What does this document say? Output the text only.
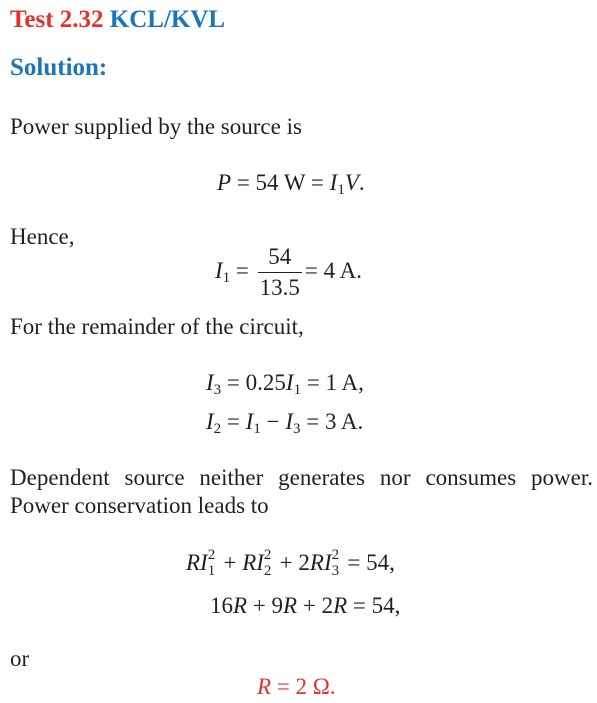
Test 2.32 KCL/KVL
Solution:
Power supplied by the source is
P = 54 $W = I_1V$.
Hence,
$I_1 = \frac{54}{13.5} = 4$ A.
For the remainder of the circuit,
$I_3 = 0.25I_1 = 1$ A,
$I_2 = I_1 - I_3 = 3$ A.
Dependent source neither generates nor consumes power.
Power conservation leads to
RI 2
1 + RI 2
2 + 2RI 2
3 = 54,
16R + 9R + 2R = 54,
or
R = 2 Ω.
